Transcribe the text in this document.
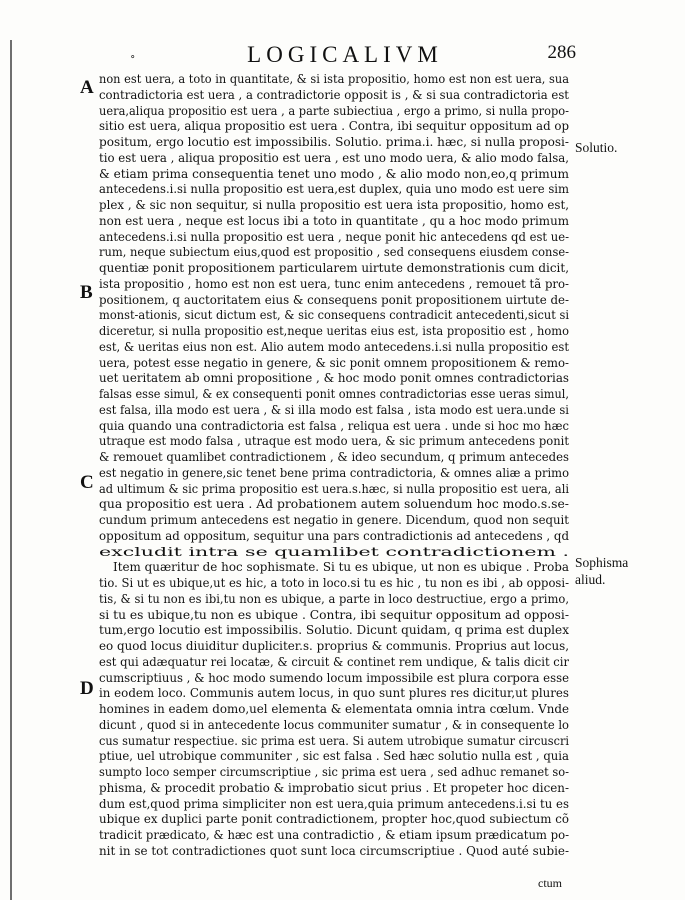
∘	LOGICALIVM	286
A
B
C
D
Solutio.
Sophisma
aliud.
non est uera, a toto in quantitate, & si ista propositio, homo est non est uera, sua
contradictoria est uera , a contradictorie opposit is , & si sua contradictoria est
uera,aliqua propositio est uera , a parte subiectiua , ergo a primo, si nulla propo-
sitio est uera, aliqua propositio est uera . Contra, ibi sequitur oppositum ad op
positum, ergo locutio est impossibilis. Solutio. prima.i. hæc, si nulla proposi-
tio est uera , aliqua propositio est uera , est uno modo uera, & alio modo falsa,
& etiam prima consequentia tenet uno modo , & alio modo non,eo,q primum
antecedens.i.si nulla propositio est uera,est duplex, quia uno modo est uere sim
plex , & sic non sequitur, si nulla propositio est uera ista propositio, homo est,
non est uera , neque est locus ibi a toto in quantitate , qu a hoc modo primum
antecedens.i.si nulla propositio est uera , neque ponit hic antecedens qd est ue-
rum, neque subiectum eius,quod est propositio , sed consequens eiusdem conse-
quentiæ ponit propositionem particularem uirtute demonstrationis cum dicit,
ista propositio , homo est non est uera, tunc enim antecedens , remouet tã pro-
positionem, q auctoritatem eius & consequens ponit propositionem uirtute de-
monst-ationis, sicut dictum est, & sic consequens contradicit antecedenti,sicut si
diceretur, si nulla propositio est,neque ueritas eius est, ista propositio est , homo
est, & ueritas eius non est. Alio autem modo antecedens.i.si nulla propositio est
uera, potest esse negatio in genere, & sic ponit omnem propositionem & remo-
uet ueritatem ab omni propositione , & hoc modo ponit omnes contradictorias
falsas esse simul, & ex consequenti ponit omnes contradictorias esse ueras simul,
est falsa, illa modo est uera , & si illa modo est falsa , ista modo est uera.unde si
quia quando una contradictoria est falsa , reliqua est uera . unde si hoc mo hæc
utraque est modo falsa , utraque est modo uera, & sic primum antecedens ponit
& remouet quamlibet contradictionem , & ideo secundum, q primum antecedes
est negatio in genere,sic tenet bene prima contradictoria, & omnes aliæ a primo
ad ultimum & sic prima propositio est uera.s.hæc, si nulla propositio est uera, ali
qua propositio est uera . Ad probationem autem soluendum hoc modo.s.se-
cundum primum antecedens est negatio in genere. Dicendum, quod non sequit
oppositum ad oppositum, sequitur una pars contradictionis ad antecedens , qd
excludit intra se quamlibet contradictionem .
Item quæritur de hoc sophismate. Si tu es ubique, ut non es ubique . Proba
tio. Si ut es ubique,ut es hic, a toto in loco.si tu es hic , tu non es ibi , ab opposi-
tis, & si tu non es ibi,tu non es ubique, a parte in loco destructiue, ergo a primo,
si tu es ubique,tu non es ubique . Contra, ibi sequitur oppositum ad opposi-
tum,ergo locutio est impossibilis. Solutio. Dicunt quidam, q prima est duplex
eo quod locus diuiditur dupliciter.s. proprius & communis. Proprius aut locus,
est qui adæquatur rei locatæ, & circuit & continet rem undique, & talis dicit cir
cumscriptiuus , & hoc modo sumendo locum impossibile est plura corpora esse
in eodem loco. Communis autem locus, in quo sunt plures res dicitur,ut plures
homines in eadem domo,uel elementa & elementata omnia intra cœlum. Vnde
dicunt , quod si in antecedente locus communiter sumatur , & in consequente lo
cus sumatur respectiue. sic prima est uera. Si autem utrobique sumatur circuscri
ptiue, uel utrobique communiter , sic est falsa . Sed hæc solutio nulla est , quia
sumpto loco semper circumscriptiue , sic prima est uera , sed adhuc remanet so-
phisma, & procedit probatio & improbatio sicut prius . Et propeter hoc dicen-
dum est,quod prima simpliciter non est uera,quia primum antecedens.i.si tu es
ubique ex duplici parte ponit contradictionem, propter hoc,quod subiectum cõ
tradicit prædicato, & hæc est una contradictio , & etiam ipsum prædicatum po-
nit in se tot contradictiones quot sunt loca circumscriptiue . Quod auté subie-
ctum
